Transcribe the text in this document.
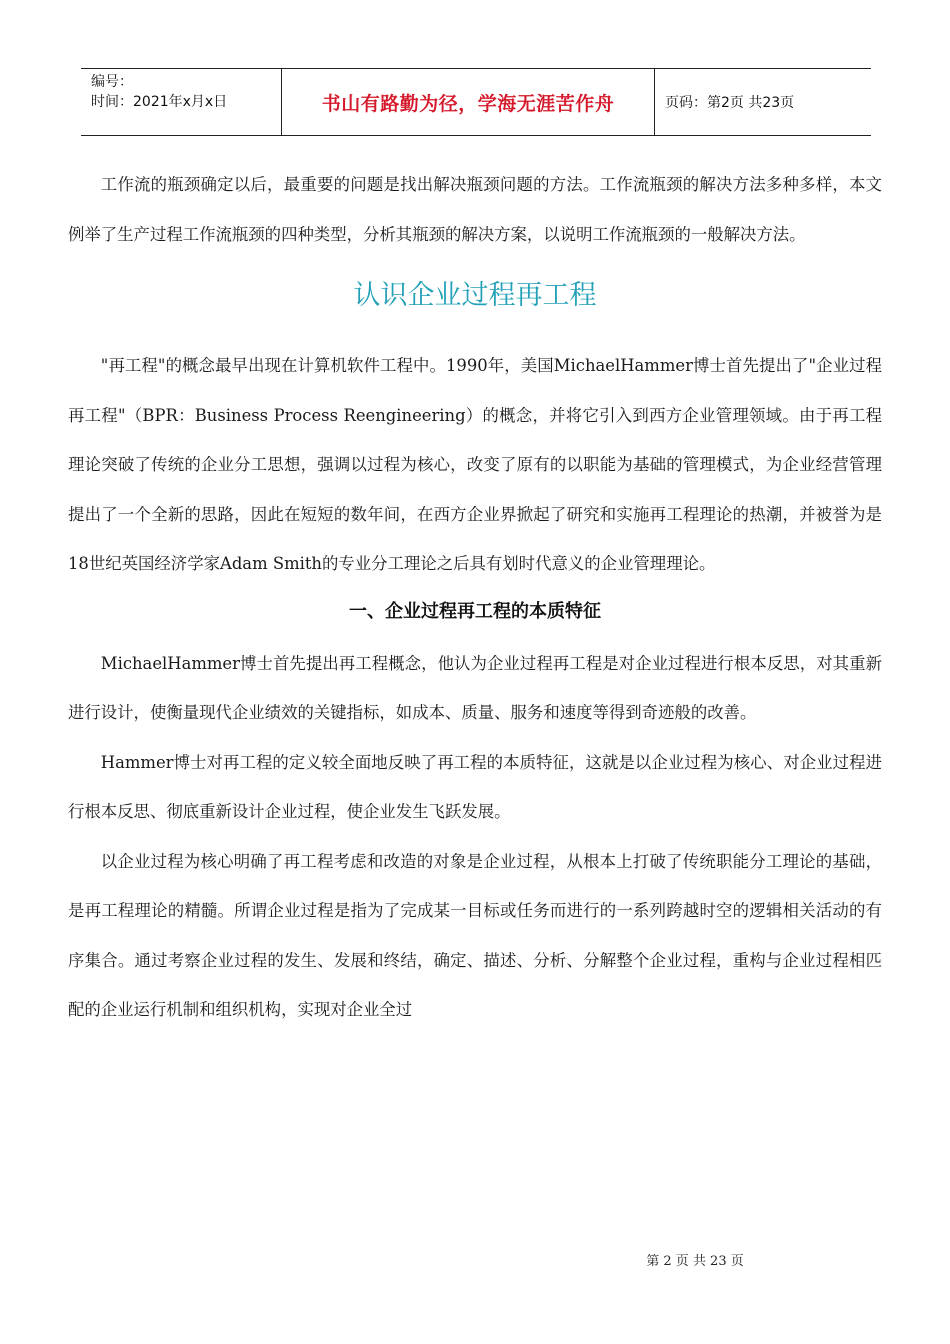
编号：
时间：2021年x月x日	书山有路勤为径，学海无涯苦作舟	页码：第2页 共23页

工作流的瓶颈确定以后，最重要的问题是找出解决瓶颈问题的方法。工作流瓶颈的解决方法多种多样，本文例举了生产过程工作流瓶颈的四种类型，分析其瓶颈的解决方案，以说明工作流瓶颈的一般解决方法。

认识企业过程再工程

"再工程"的概念最早出现在计算机软件工程中。1990年，美国MichaelHammer博士首先提出了"企业过程再工程"（BPR：Business Process Reengineering）的概念，并将它引入到西方企业管理领域。由于再工程理论突破了传统的企业分工思想，强调以过程为核心，改变了原有的以职能为基础的管理模式，为企业经营管理提出了一个全新的思路，因此在短短的数年间，在西方企业界掀起了研究和实施再工程理论的热潮，并被誉为是18世纪英国经济学家Adam Smith的专业分工理论之后具有划时代意义的企业管理理论。

一、企业过程再工程的本质特征

MichaelHammer博士首先提出再工程概念，他认为企业过程再工程是对企业过程进行根本反思，对其重新进行设计，使衡量现代企业绩效的关键指标，如成本、质量、服务和速度等得到奇迹般的改善。

Hammer博士对再工程的定义较全面地反映了再工程的本质特征，这就是以企业过程为核心、对企业过程进行根本反思、彻底重新设计企业过程，使企业发生飞跃发展。

以企业过程为核心明确了再工程考虑和改造的对象是企业过程，从根本上打破了传统职能分工理论的基础，是再工程理论的精髓。所谓企业过程是指为了完成某一目标或任务而进行的一系列跨越时空的逻辑相关活动的有序集合。通过考察企业过程的发生、发展和终结，确定、描述、分析、分解整个企业过程，重构与企业过程相匹配的企业运行机制和组织机构，实现对企业全过

第 2 页 共 23 页
